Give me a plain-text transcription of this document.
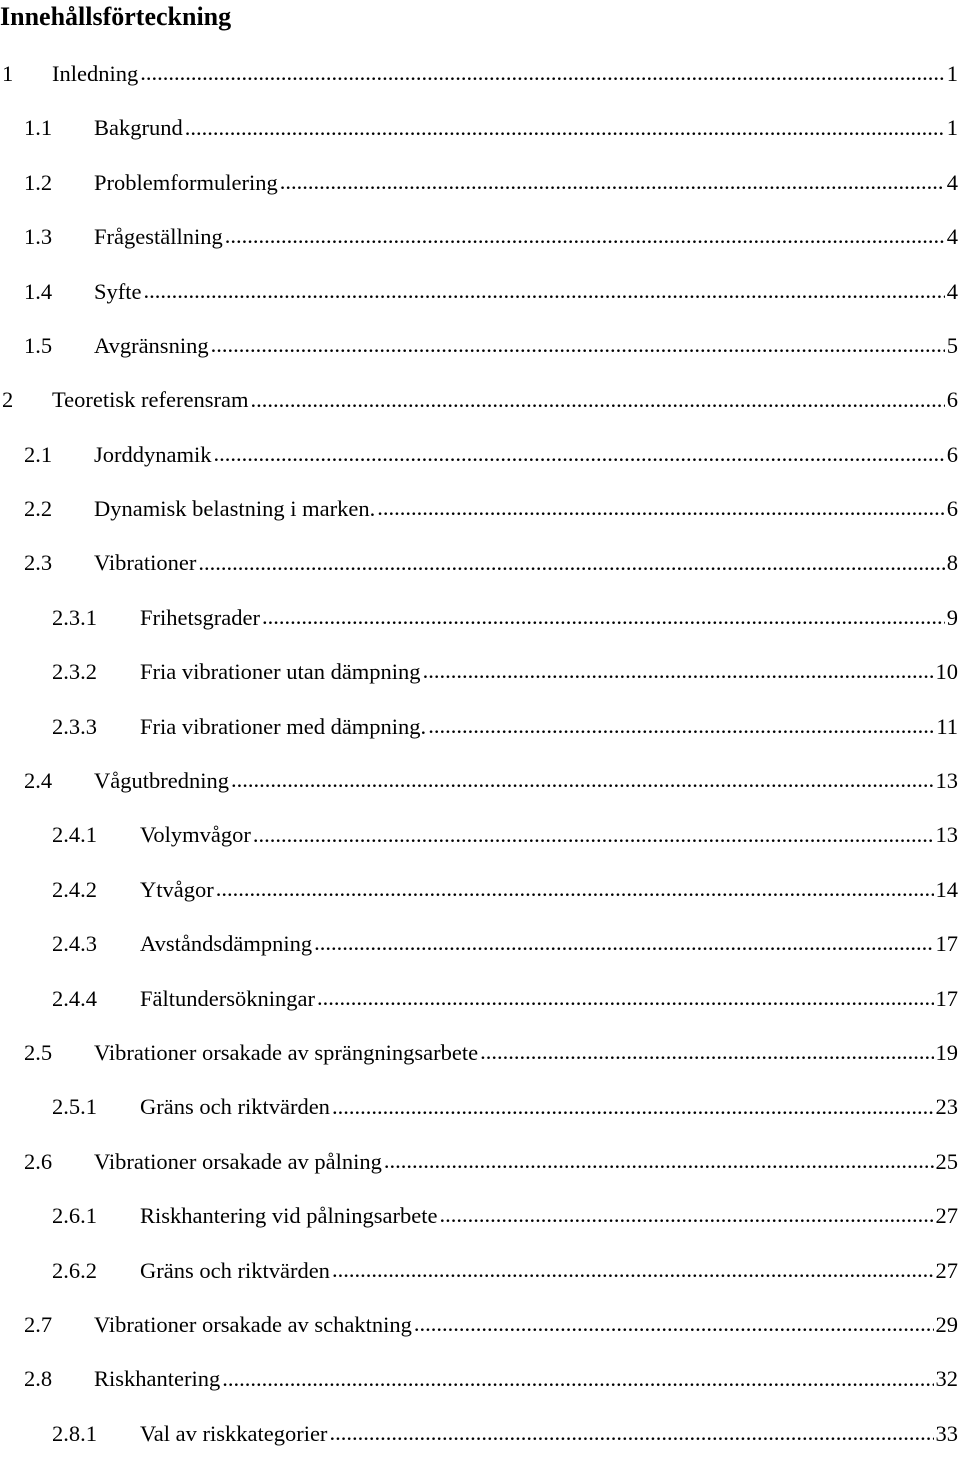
Innehållsförteckning
1	Inledning .....	1
1.1	Bakgrund .....	1
1.2	Problemformulering .....	4
1.3	Frågeställning .....	4
1.4	Syfte .....	4
1.5	Avgränsning .....	5
2	Teoretisk referensram .....	6
2.1	Jorddynamik .....	6
2.2	Dynamisk belastning i marken. .....	6
2.3	Vibrationer .....	8
2.3.1	Frihetsgrader .....	9
2.3.2	Fria vibrationer utan dämpning .....	10
2.3.3	Fria vibrationer med dämpning. .....	11
2.4	Vågutbredning .....	13
2.4.1	Volymvågor .....	13
2.4.2	Ytvågor .....	14
2.4.3	Avståndsdämpning .....	17
2.4.4	Fältundersökningar .....	17
2.5	Vibrationer orsakade av sprängningsarbete .....	19
2.5.1	Gräns och riktvärden .....	23
2.6	Vibrationer orsakade av pålning .....	25
2.6.1	Riskhantering vid pålningsarbete .....	27
2.6.2	Gräns och riktvärden .....	27
2.7	Vibrationer orsakade av schaktning .....	29
2.8	Riskhantering .....	32
2.8.1	Val av riskkategorier .....	33
